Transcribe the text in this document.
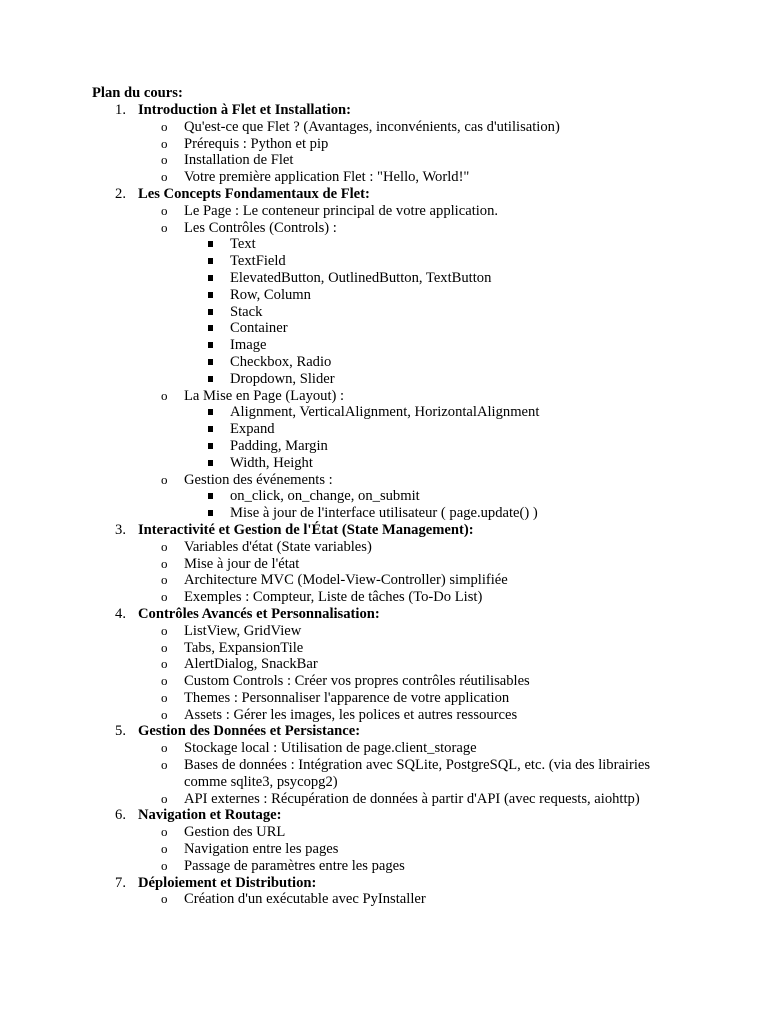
Plan du cours:

1. Introduction à Flet et Installation:
o Qu'est-ce que Flet ? (Avantages, inconvénients, cas d'utilisation)
o Prérequis : Python et pip
o Installation de Flet
o Votre première application Flet : "Hello, World!"
2. Les Concepts Fondamentaux de Flet:
o Le Page : Le conteneur principal de votre application.
o Les Contrôles (Controls) :
Text
TextField
ElevatedButton, OutlinedButton, TextButton
Row, Column
Stack
Container
Image
Checkbox, Radio
Dropdown, Slider
o La Mise en Page (Layout) :
Alignment, VerticalAlignment, HorizontalAlignment
Expand
Padding, Margin
Width, Height
o Gestion des événements :
on_click, on_change, on_submit
Mise à jour de l'interface utilisateur ( page.update() )
3. Interactivité et Gestion de l'État (State Management):
o Variables d'état (State variables)
o Mise à jour de l'état
o Architecture MVC (Model-View-Controller) simplifiée
o Exemples : Compteur, Liste de tâches (To-Do List)
4. Contrôles Avancés et Personnalisation:
o ListView, GridView
o Tabs, ExpansionTile
o AlertDialog, SnackBar
o Custom Controls : Créer vos propres contrôles réutilisables
o Themes : Personnaliser l'apparence de votre application
o Assets : Gérer les images, les polices et autres ressources
5. Gestion des Données et Persistance:
o Stockage local : Utilisation de page.client_storage
o Bases de données : Intégration avec SQLite, PostgreSQL, etc. (via des librairies comme sqlite3, psycopg2)
o API externes : Récupération de données à partir d'API (avec requests, aiohttp)
6. Navigation et Routage:
o Gestion des URL
o Navigation entre les pages
o Passage de paramètres entre les pages
7. Déploiement et Distribution:
o Création d'un exécutable avec PyInstaller
